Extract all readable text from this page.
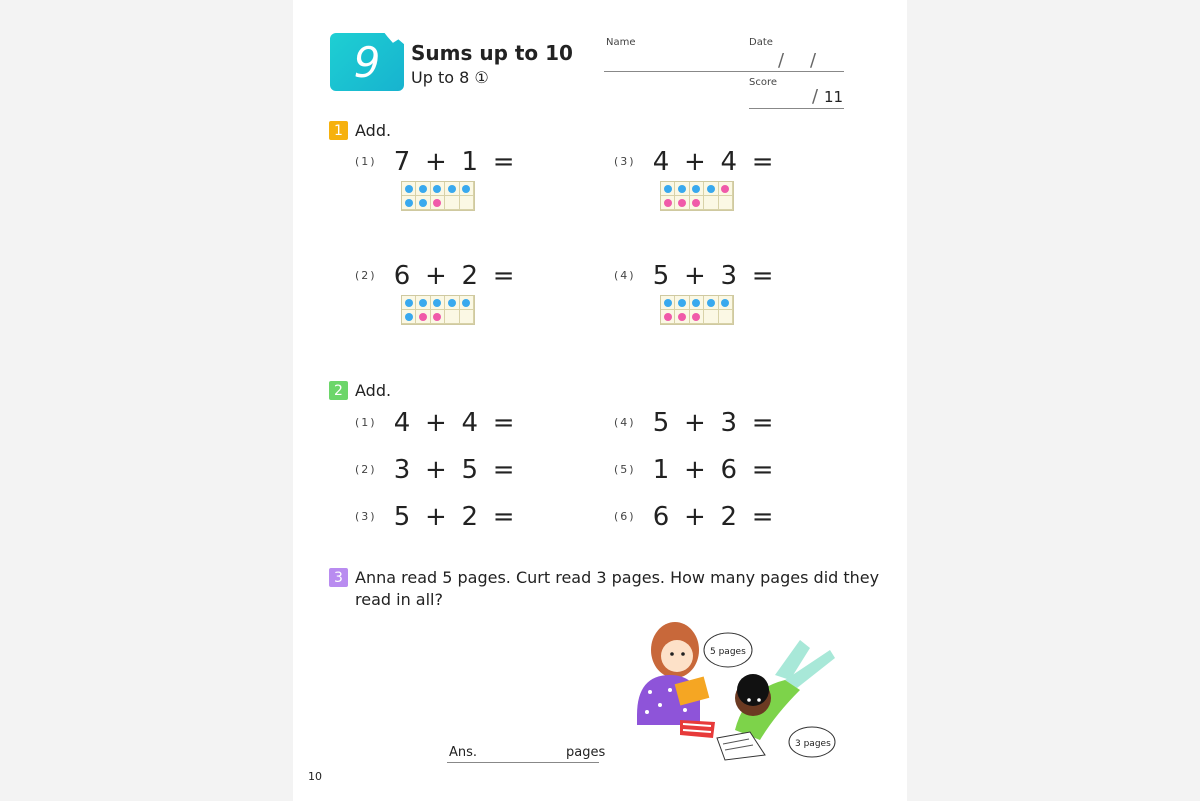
9 Sums up to 10
Up to 8 ①
Name	Date
/ /
Score
/ 11
1 Add.
(1) 7 + 1 =
(2) 6 + 2 =
(3) 4 + 4 =
(4) 5 + 3 =
2 Add.
(1) 4 + 4 =
(2) 3 + 5 =
(3) 5 + 2 =
(4) 5 + 3 =
(5) 1 + 6 =
(6) 6 + 2 =
3 Anna read 5 pages. Curt read 3 pages. How many pages did they
read in all?
Ans.	pages
5 pages
3 pages
10
